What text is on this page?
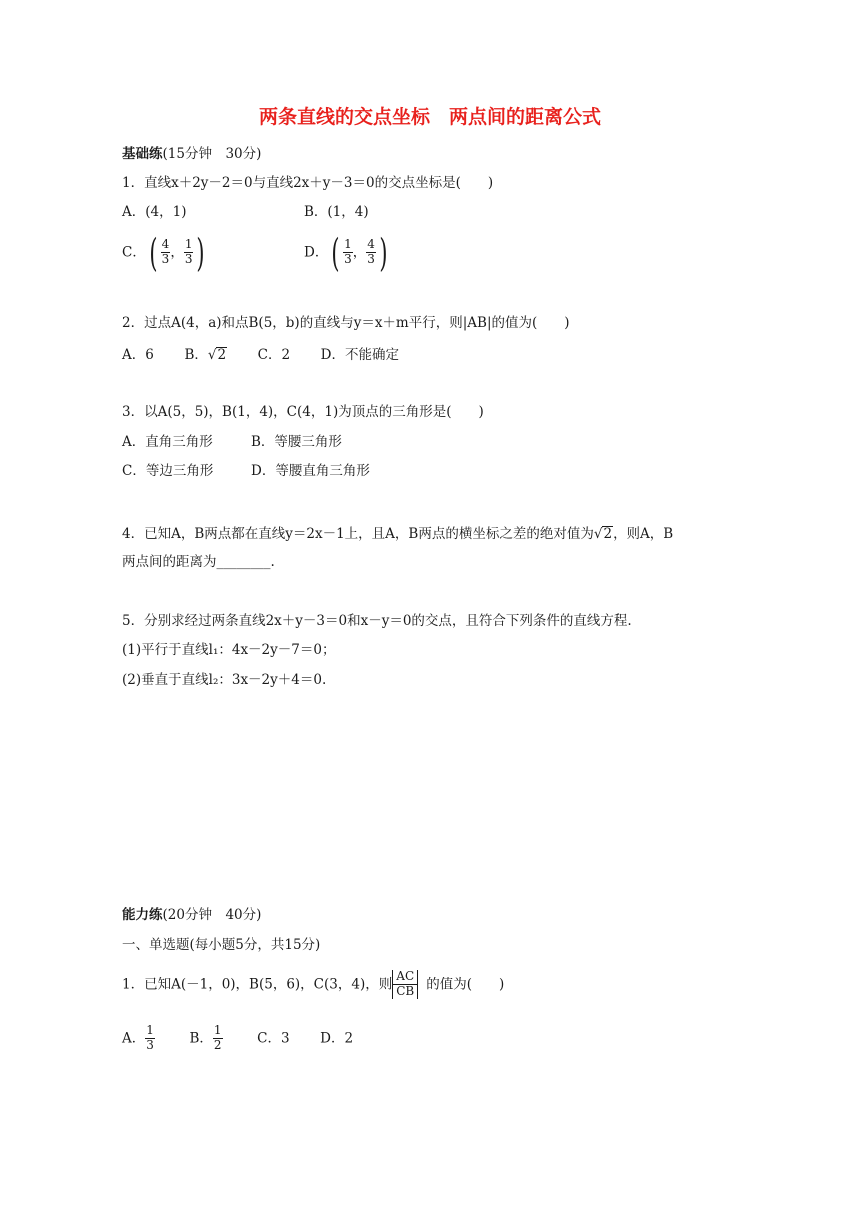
两条直线的交点坐标　两点间的距离公式
基础练(15分钟　30分)
1．直线x＋2y－2＝0与直线2x＋y－3＝0的交点坐标是(　　)
A．(4，1)	B．(1，4)
C．( $\frac{4}{3}$ ， $\frac{1}{3}$ )	D．( $\frac{1}{3}$ ， $\frac{4}{3}$ )
2．过点A(4，a)和点B(5，b)的直线与y＝x＋m平行，则|AB|的值为(　　)
A．6 B．√2 C．2 D．不能确定
3．以A(5，5)，B(1，4)，C(4，1)为顶点的三角形是(　　)
A．直角三角形	B．等腰三角形
C．等边三角形	D．等腰直角三角形
4．已知A，B两点都在直线y＝2x－1上，且A，B两点的横坐标之差的绝对值为√2，则A，B
两点间的距离为________.
5．分别求经过两条直线2x＋y－3＝0和x－y＝0的交点，且符合下列条件的直线方程.
(1)平行于直线l₁：4x－2y－7＝0；
(2)垂直于直线l₂：3x－2y＋4＝0.
能力练(20分钟　40分)
一、单选题(每小题5分，共15分)
1．已知A(－1，0)，B(5，6)，C(3，4)，则 $\frac{AC}{CB}$ 的值为(　　)
A． $\frac{1}{3}$	B． $\frac{1}{2}$	C．3 D．2
